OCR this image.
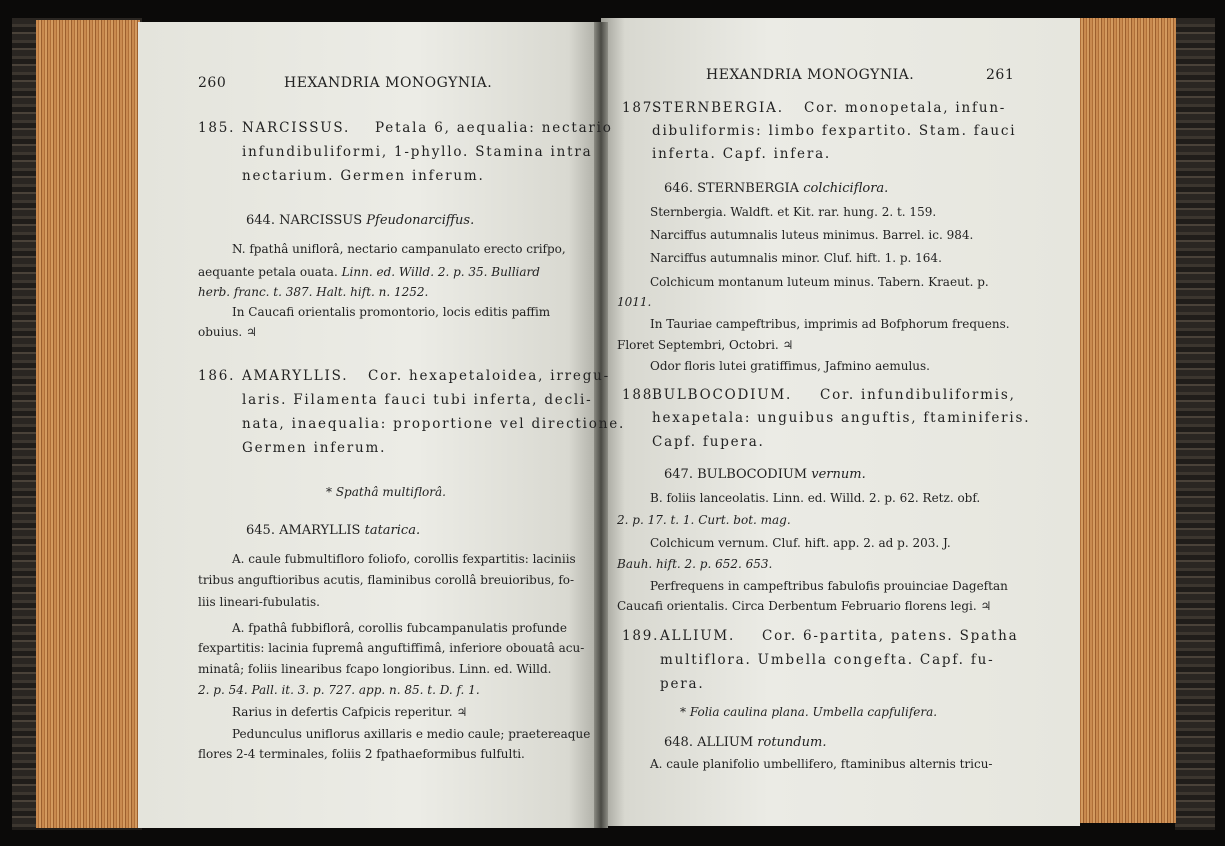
260	HEXANDRIA MONOGYNIA.
185. NARCISSUS. Petala 6, aequalia: nectario
infundibuliformi, 1-phyllo. Stamina intra
nectarium. Germen inferum.
644. NARCISSUS Pfeudonarciffus.
N. fpathâ uniflorâ, nectario campanulato erecto crifpo,
aequante petala ouata. Linn. ed. Willd. 2. p. 35. Bulliard
herb. franc. t. 387. Halt. hift. n. 1252.
In Caucafi orientalis promontorio, locis editis paffim
obuius. ♃
186. AMARYLLIS. Cor. hexapetaloidea, irregu-
laris. Filamenta fauci tubi inferta, decli-
nata, inaequalia: proportione vel directione.
Germen inferum.
* Spathâ multiflorâ.
645. AMARYLLIS tatarica.
A. caule fubmultifloro foliofo, corollis fexpartitis: laciniis
tribus anguftioribus acutis, flaminibus corollâ breuioribus, fo-
liis lineari-fubulatis.
A. fpathâ fubbiflorâ, corollis fubcampanulatis profunde
fexpartitis: lacinia fupremâ anguftiffimâ, inferiore obouatâ acu-
minatâ; foliis linearibus fcapo longioribus. Linn. ed. Willd.
2. p. 54. Pall. it. 3. p. 727. app. n. 85. t. D. f. 1.
Rarius in defertis Cafpicis reperitur. ♃
Pedunculus uniflorus axillaris e medio caule; praetereaque
flores 2-4 terminales, foliis 2 fpathaeformibus fulfulti.
HEXANDRIA MONOGYNIA.	261
187.
STERNBERGIA. Cor. monopetala, infun-
dibuliformis: limbo fexpartito. Stam. fauci
inferta. Capf. infera.
646. STERNBERGIA colchiciflora.
Sternbergia. Waldft. et Kit. rar. hung. 2. t. 159.
Narciffus autumnalis luteus minimus. Barrel. ic. 984.
Narciffus autumnalis minor. Cluf. hift. 1. p. 164.
Colchicum montanum luteum minus. Tabern. Kraeut. p.
1011.
In Tauriae campeftribus, imprimis ad Bofphorum frequens.
Floret Septembri, Octobri. ♃
Odor floris lutei gratiffimus, Jafmino aemulus.
188.
BULBOCODIUM. Cor. infundibuliformis,
hexapetala: unguibus anguftis, ftaminiferis.
Capf. fupera.
647. BULBOCODIUM vernum.
B. foliis lanceolatis. Linn. ed. Willd. 2. p. 62. Retz. obf.
2. p. 17. t. 1. Curt. bot. mag.
Colchicum vernum. Cluf. hift. app. 2. ad p. 203. J.
Bauh. hift. 2. p. 652. 653.
Perfrequens in campeftribus fabulofis prouinciae Dageftan
Caucafi orientalis. Circa Derbentum Februario florens legi. ♃
189. ALLIUM. Cor. 6-partita, patens. Spatha
multiflora. Umbella congefta. Capf. fu-
pera.
* Folia caulina plana. Umbella capfulifera.
648. ALLIUM rotundum.
A. caule planifolio umbellifero, ftaminibus alternis tricu-
